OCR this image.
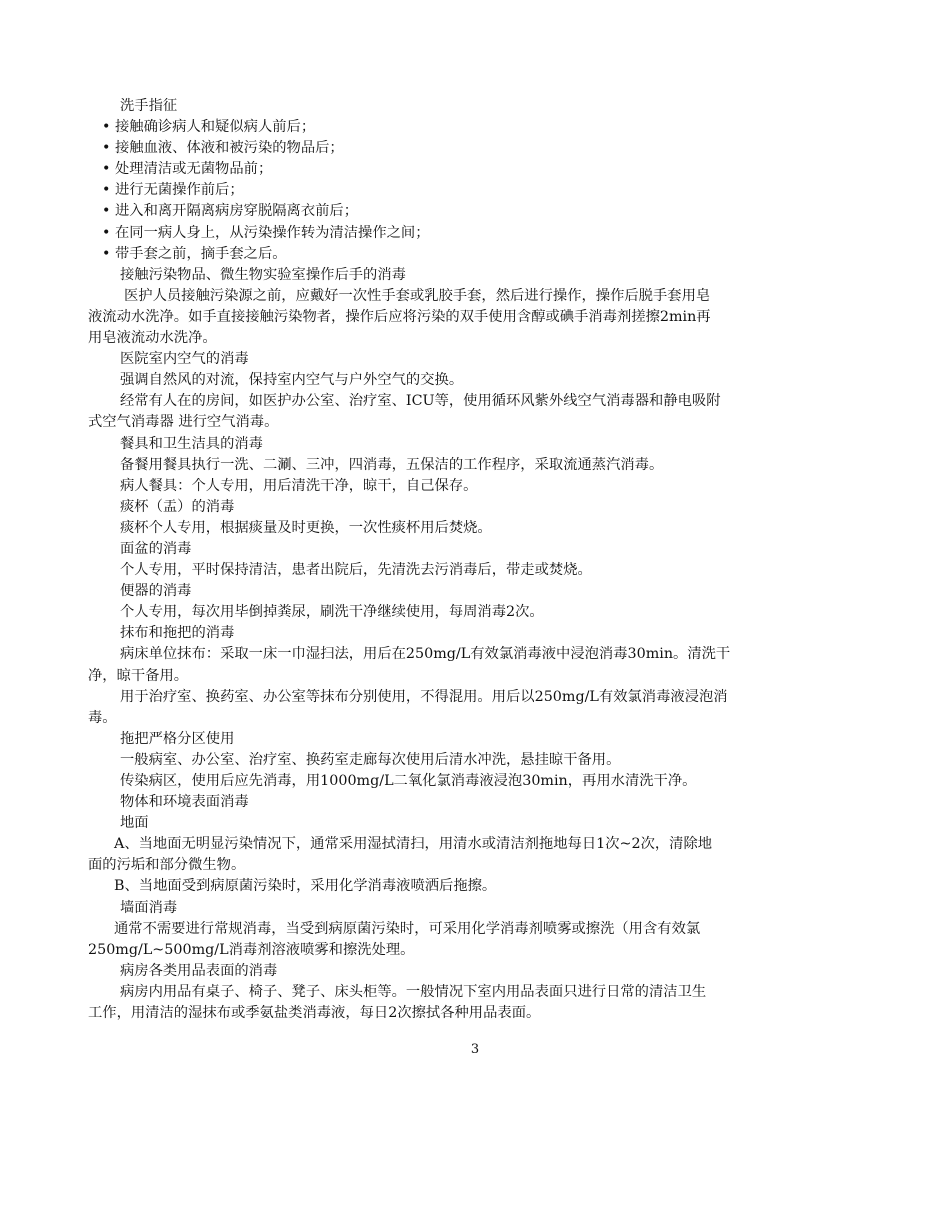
洗手指征
• 接触确诊病人和疑似病人前后；
• 接触血液、体液和被污染的物品后；
• 处理清洁或无菌物品前；
• 进行无菌操作前后；
• 进入和离开隔离病房穿脱隔离衣前后；
• 在同一病人身上，从污染操作转为清洁操作之间；
• 带手套之前，摘手套之后。
接触污染物品、微生物实验室操作后手的消毒
医护人员接触污染源之前，应戴好一次性手套或乳胶手套，然后进行操作，操作后脱手套用皂
液流动水洗净。如手直接接触污染物者，操作后应将污染的双手使用含醇或碘手消毒剂搓擦2min再
用皂液流动水洗净。
医院室内空气的消毒
强调自然风的对流，保持室内空气与户外空气的交换。
经常有人在的房间，如医护办公室、治疗室、ICU等，使用循环风紫外线空气消毒器和静电吸附
式空气消毒器 进行空气消毒。
餐具和卫生洁具的消毒
备餐用餐具执行一洗、二涮、三冲，四消毒，五保洁的工作程序，采取流通蒸汽消毒。
病人餐具：个人专用，用后清洗干净，晾干，自己保存。
痰杯（盂）的消毒
痰杯个人专用，根据痰量及时更换，一次性痰杯用后焚烧。
面盆的消毒
个人专用，平时保持清洁，患者出院后，先清洗去污消毒后，带走或焚烧。
便器的消毒
个人专用，每次用毕倒掉粪尿，刷洗干净继续使用，每周消毒2次。
抹布和拖把的消毒
病床单位抹布：采取一床一巾湿扫法，用后在250mg/L有效氯消毒液中浸泡消毒30min。清洗干
净，晾干备用。
用于治疗室、换药室、办公室等抹布分别使用，不得混用。用后以250mg/L有效氯消毒液浸泡消
毒。
拖把严格分区使用
一般病室、办公室、治疗室、换药室走廊每次使用后清水冲洗，悬挂晾干备用。
传染病区，使用后应先消毒，用1000mg/L二氧化氯消毒液浸泡30min，再用水清洗干净。
物体和环境表面消毒
地面
A、当地面无明显污染情况下，通常采用湿拭清扫，用清水或清洁剂拖地每日1次~2次，清除地
面的污垢和部分微生物。
B、当地面受到病原菌污染时，采用化学消毒液喷洒后拖擦。
墙面消毒
通常不需要进行常规消毒，当受到病原菌污染时，可采用化学消毒剂喷雾或擦洗（用含有效氯
250mg/L~500mg/L消毒剂溶液喷雾和擦洗处理。
病房各类用品表面的消毒
病房内用品有桌子、椅子、凳子、床头柜等。一般情况下室内用品表面只进行日常的清洁卫生
工作，用清洁的湿抹布或季氨盐类消毒液，每日2次擦拭各种用品表面。
3
